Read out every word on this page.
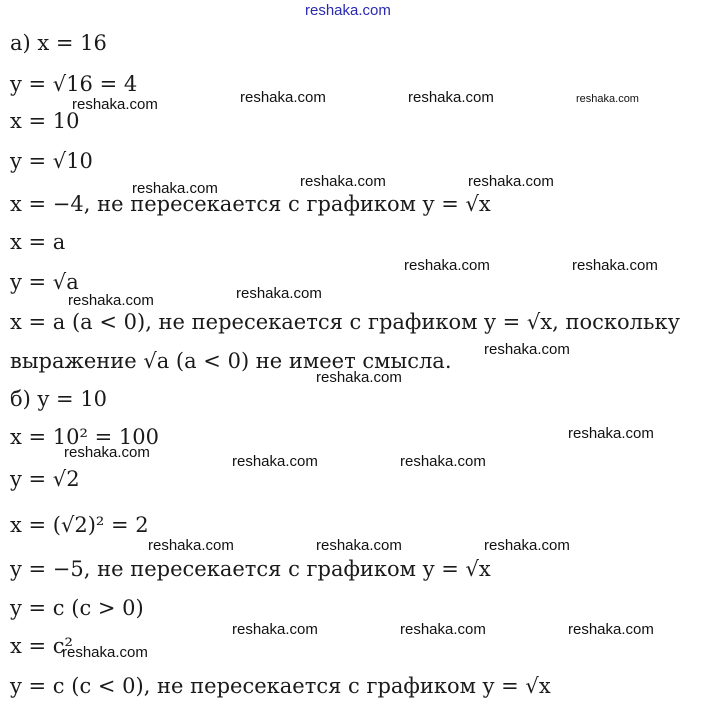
reshaka.com
а) x = 16
y = √16 = 4
x = 10
y = √10
x = −4, не пересекается с графиком y = √x
x = a
y = √a
x = a (a < 0), не пересекается с графиком y = √x, поскольку
выражение √a (a < 0) не имеет смысла.
б) y = 10
x = 10² = 100
y = √2
x = (√2)² = 2
y = −5, не пересекается с графиком y = √x
y = c (c > 0)
x = c²
y = c (c < 0), не пересекается с графиком y = √x
reshaka.com	reshaka.com	reshaka.com	reshaka.com
reshaka.com	reshaka.com	reshaka.com
reshaka.com	reshaka.com
reshaka.com	reshaka.com
reshaka.com
reshaka.com
reshaka.com
reshaka.com
reshaka.com	reshaka.com
reshaka.com	reshaka.com	reshaka.com
reshaka.com	reshaka.com	reshaka.com
reshaka.com
